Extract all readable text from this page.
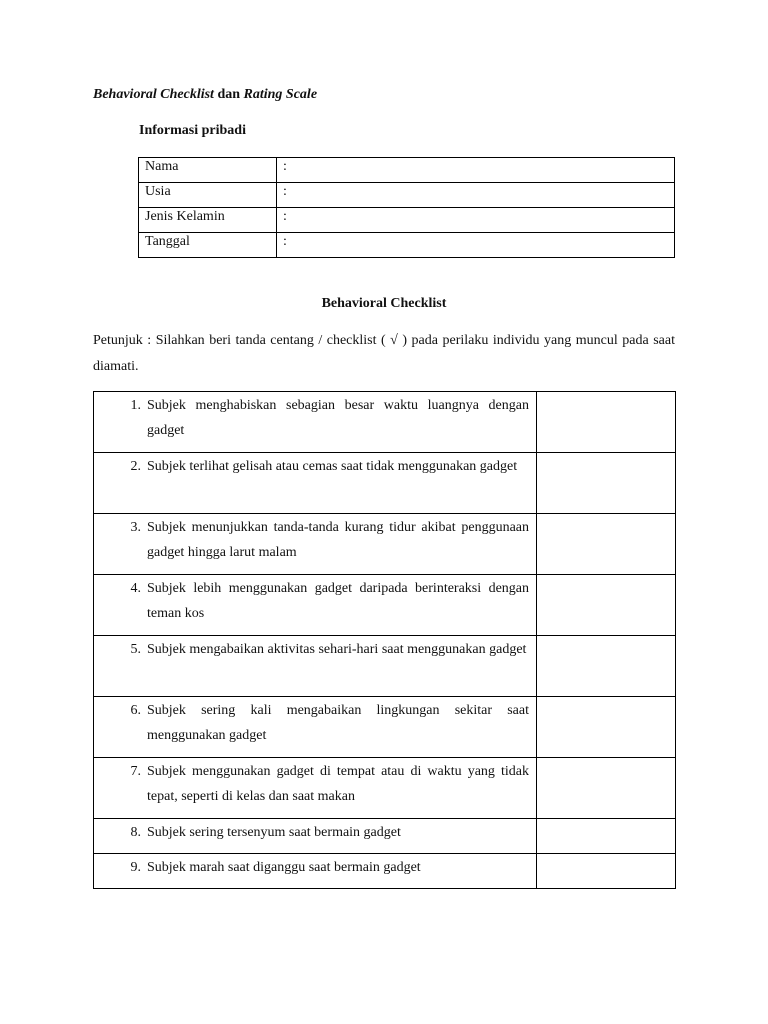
Behavioral Checklist dan Rating Scale
Informasi pribadi
Nama	:
Usia	:
Jenis Kelamin	:
Tanggal	:
Behavioral Checklist
Petunjuk : Silahkan beri tanda centang / checklist ( √ ) pada perilaku individu yang muncul pada saat diamati.
1. Subjek menghabiskan sebagian besar waktu luangnya dengan gadget	

2. Subjek terlihat gelisah atau cemas saat tidak menggunakan gadget	

3. Subjek menunjukkan tanda-tanda kurang tidur akibat penggunaan gadget hingga larut malam	

4. Subjek lebih menggunakan gadget daripada berinteraksi dengan teman kos	

5. Subjek mengabaikan aktivitas sehari-hari saat menggunakan gadget	

6. Subjek sering kali mengabaikan lingkungan sekitar saat menggunakan gadget	

7. Subjek menggunakan gadget di tempat atau di waktu yang tidak tepat, seperti di kelas dan saat makan	

8. Subjek sering tersenyum saat bermain gadget	

9. Subjek marah saat diganggu saat bermain gadget	
